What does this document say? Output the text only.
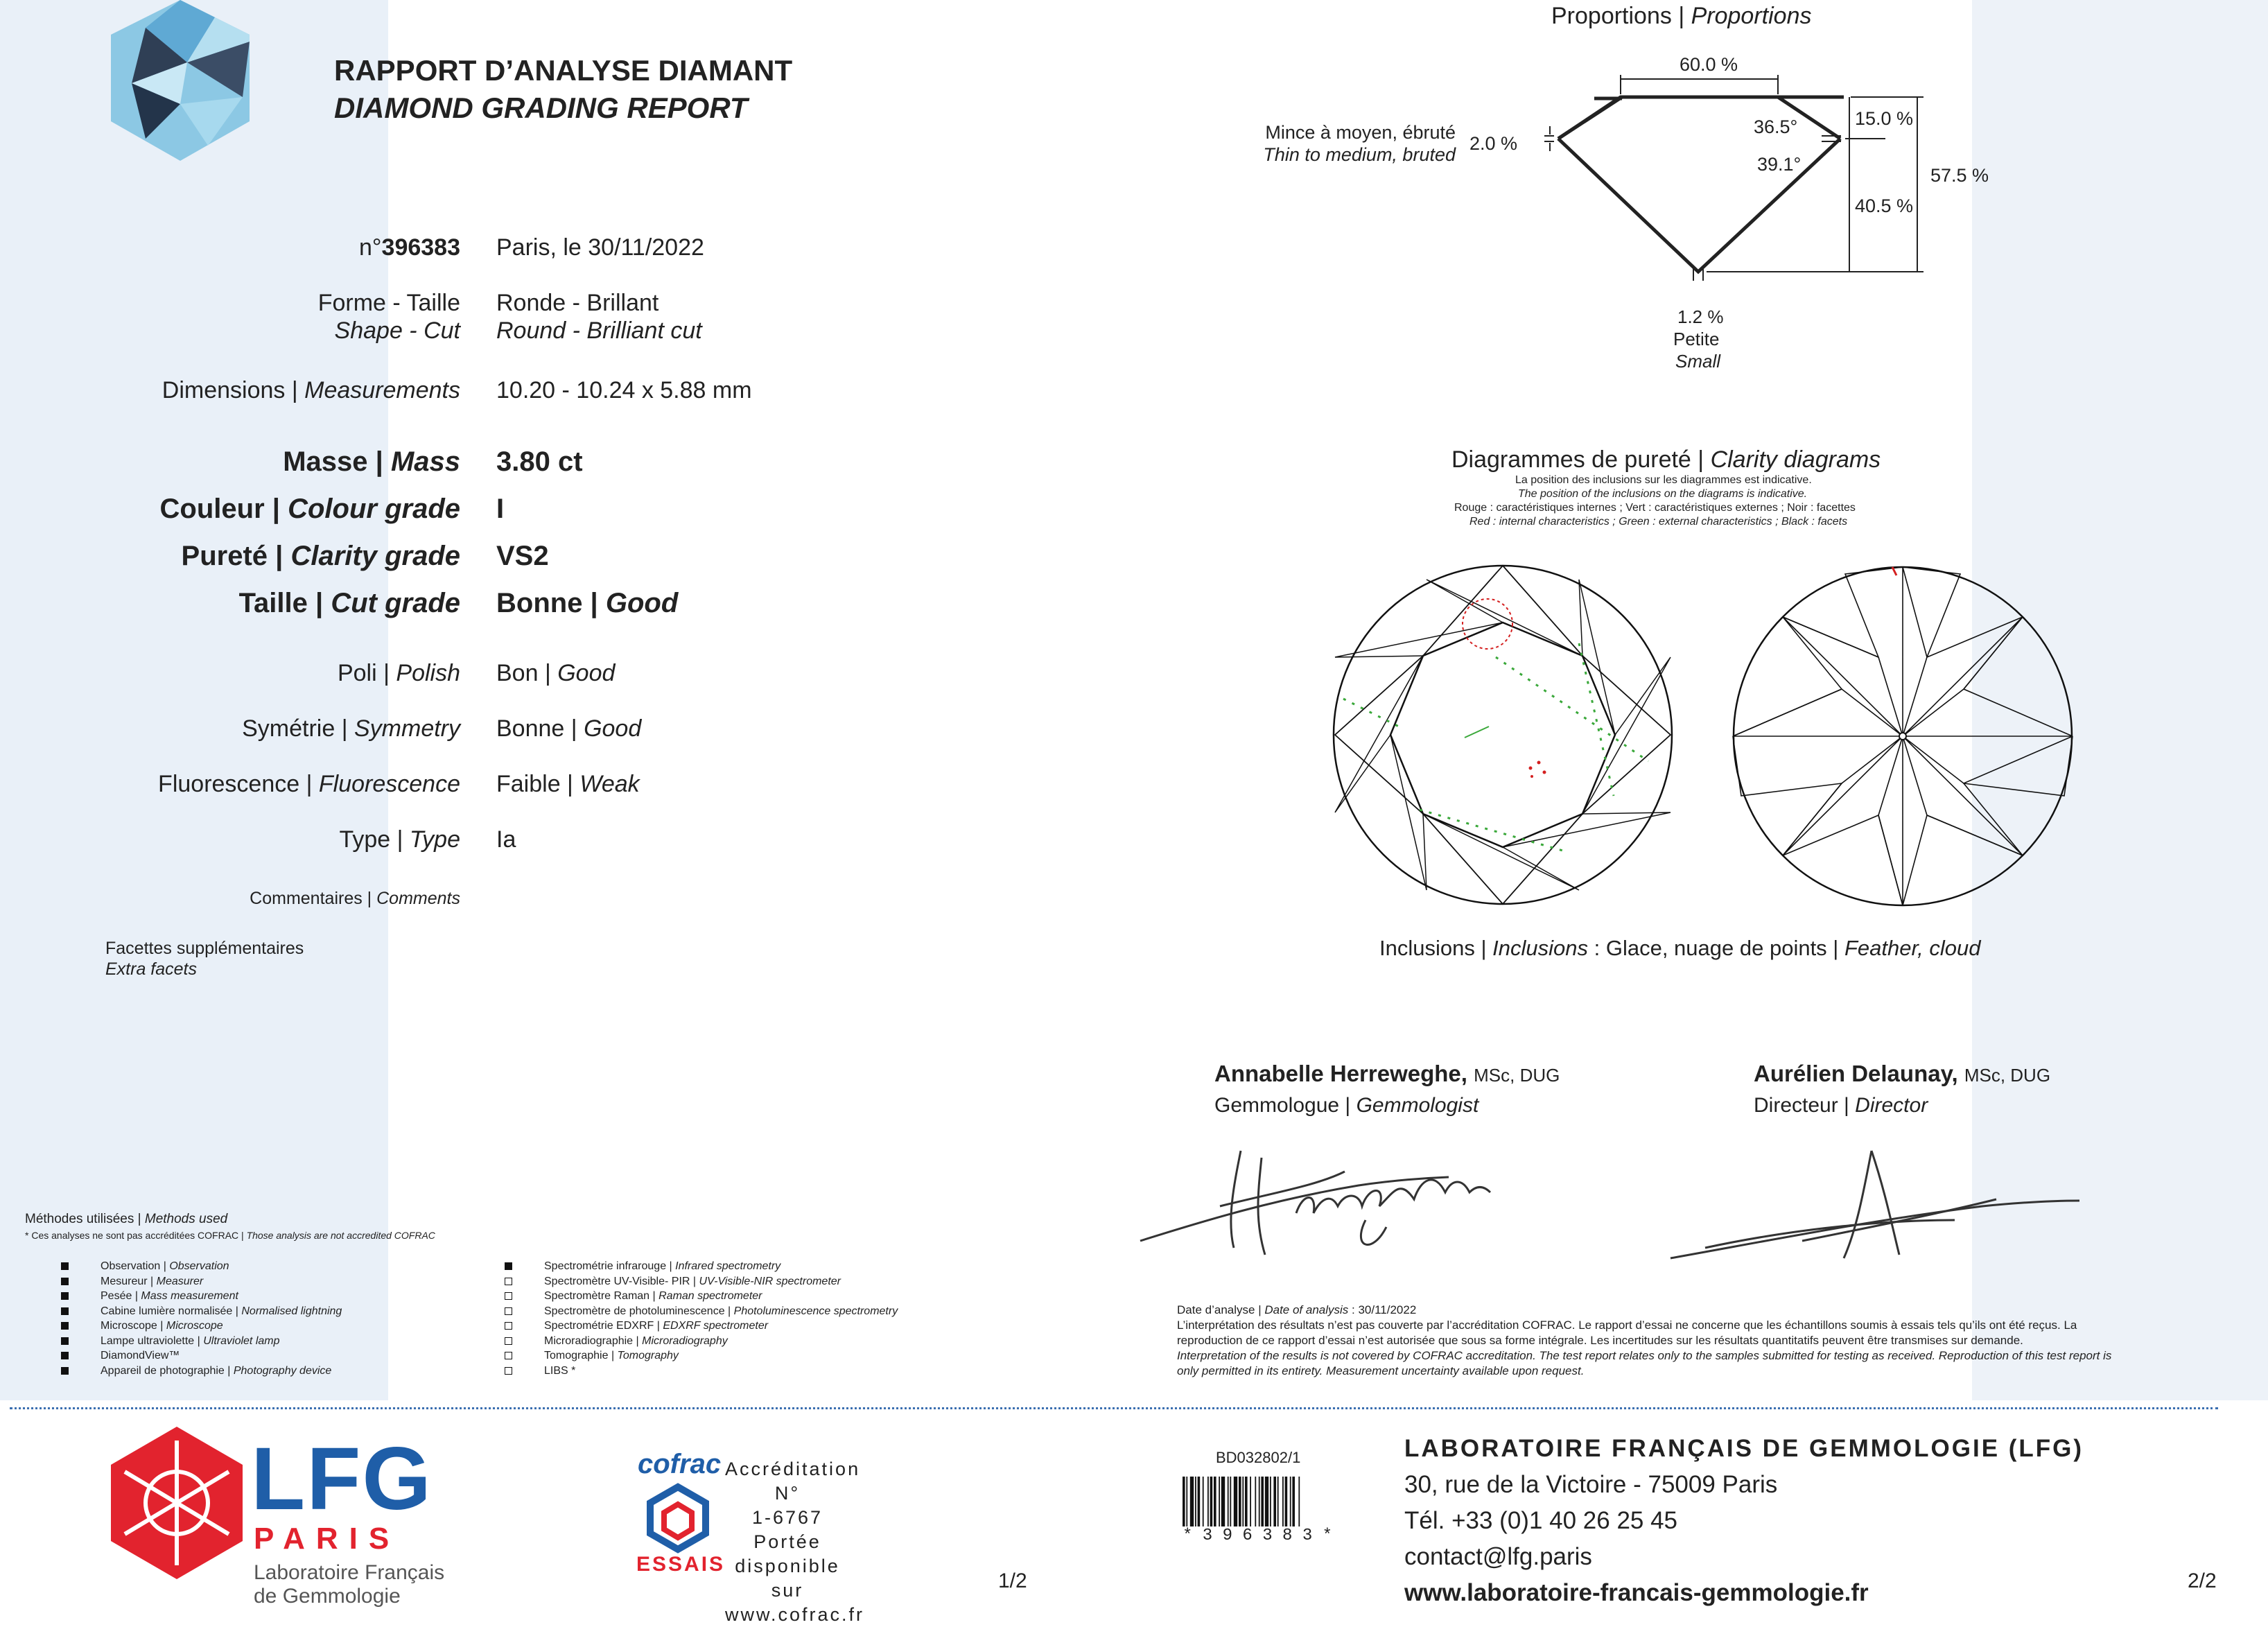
RAPPORT D’ANALYSE DIAMANT
DIAMOND GRADING REPORT
n°396383 Paris, le 30/11/2022
Forme - Taille
Shape - Cut
Ronde - Brillant
Round - Brilliant cut
Dimensions | Measurements 10.20 - 10.24 x 5.88 mm
Masse | Mass 3.80 ct
Couleur | Colour grade I
Pureté | Clarity grade VS2
Taille | Cut grade Bonne | Good
Poli | Polish Bon | Good
Symétrie | Symmetry Bonne | Good
Fluorescence | Fluorescence Faible | Weak
Type | Type Ia
Commentaires | Comments
Facettes supplémentaires
Extra facets
Proportions | Proportions
60.0 %
36.5°
39.1°
15.0 %
40.5 %
57.5 %
2.0 %
Mince à moyen, ébruté
Thin to medium, bruted
1.2 %
Petite
Small
Diagrammes de pureté | Clarity diagrams
La position des inclusions sur les diagrammes est indicative.
The position of the inclusions on the diagrams is indicative.
Rouge : caractéristiques internes ; Vert : caractéristiques externes ; Noir : facettes
Red : internal characteristics ; Green : external characteristics ; Black : facets
Inclusions | Inclusions : Glace, nuage de points | Feather, cloud
Annabelle Herreweghe, MSc, DUG
Gemmologue | Gemmologist
Aurélien Delaunay, MSc, DUG
Directeur | Director
Méthodes utilisées | Methods used
* Ces analyses ne sont pas accréditées COFRAC | Those analysis are not accredited COFRAC
Observation | Observation
Mesureur | Measurer
Pesée | Mass measurement
Cabine lumière normalisée | Normalised lightning
Microscope | Microscope
Lampe ultraviolette | Ultraviolet lamp
DiamondView™
Appareil de photographie | Photography device
Spectrométrie infrarouge | Infrared spectrometry
Spectromètre UV-Visible- PIR | UV-Visible-NIR spectrometer
Spectromètre Raman | Raman spectrometer
Spectromètre de photoluminescence | Photoluminescence spectrometry
Spectrométrie EDXRF | EDXRF spectrometer
Microradiographie | Microradiography
Tomographie | Tomography
LIBS *
Date d’analyse | Date of analysis : 30/11/2022
L’interprétation des résultats n’est pas couverte par l’accréditation COFRAC. Le rapport d’essai ne concerne que les échantillons soumis à essais tels qu’ils ont été reçus. La
reproduction de ce rapport d’essai n’est autorisée que sous sa forme intégrale. Les incertitudes sur les résultats quantitatifs peuvent être transmises sur demande.
Interpretation of the results is not covered by COFRAC accreditation. The test report relates only to the samples submitted for testing as received. Reproduction of this test report is
only permitted in its entirety. Measurement uncertainty available upon request.
LFG
PARIS
Laboratoire Français
de Gemmologie
cofrac
ESSAIS
Accréditation N°
1-6767
Portée
disponible sur
www.cofrac.fr
1/2
BD032802/1
* 3 9 6 3 8 3 *
LABORATOIRE FRANÇAIS DE GEMMOLOGIE (LFG)
30, rue de la Victoire - 75009 Paris
Tél. +33 (0)1 40 26 25 45
contact@lfg.paris
www.laboratoire-francais-gemmologie.fr	2/2
